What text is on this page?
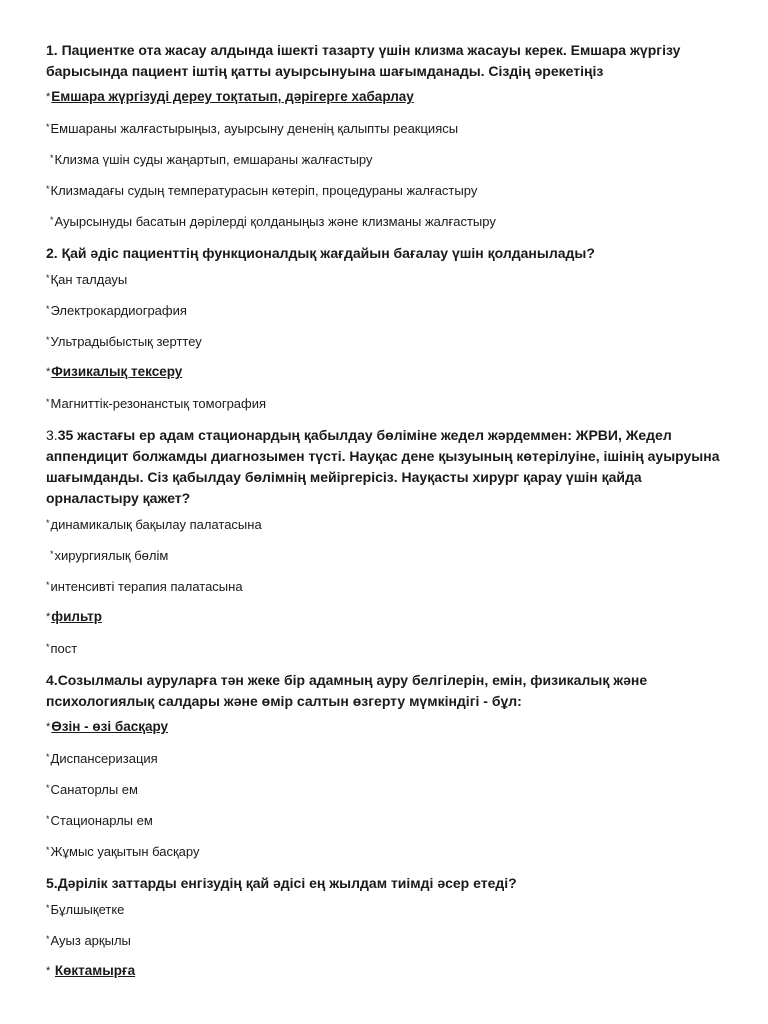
1. Пациентке ота жасау алдында ішекті тазарту үшін клизма жасауы керек. Емшара жүргізу барысында пациент іштің қатты ауырсынуына шағымданады. Сіздің әрекетіңіз
*Емшара жүргізуді дереу тоқтатып, дәрігерге хабарлау
*Емшараны жалғастырыңыз, ауырсыну дененің қалыпты реакциясы
*Клизма үшін суды жаңартып, емшараны жалғастыру
*Клизмадағы судың температурасын көтеріп, процедураны жалғастыру
*Ауырсынуды басатын дәрілерді қолданыңыз және клизманы жалғастыру
2. Қай әдіс пациенттің функционалдық жағдайын бағалау үшін қолданылады?
*Қан талдауы
*Электрокардиография
*Ультрадыбыстық зерттеу
*Физикалық тексеру
*Магниттік-резонанстық томография
3.35 жастағы ер адам стационардың қабылдау бөліміне жедел жәрдеммен: ЖРВИ, Жедел аппендицит болжамды диагнозымен түсті. Науқас дене қызуының көтерілуіне, ішінің ауыруына шағымданды. Сіз қабылдау бөлімнің мейіргерісіз. Науқасты хирург қарау үшін қайда орналастыру қажет?
*динамикалық бақылау палатасына
*хирургиялық бөлім
*интенсивті терапия палатасына
*фильтр
*пост
4.Созылмалы ауруларға тән жеке бір адамның ауру белгілерін, емін, физикалық және психологиялық салдары және өмір салтын өзгерту мүмкіндігі - бұл:
*Өзін - өзі басқару
*Диспансеризация
*Санаторлы ем
*Стационарлы ем
*Жұмыс уақытын басқару
5.Дәрілік заттарды енгізудің қай әдісі ең жылдам тиімді әсер етеді?
*Бұлшықетке
*Ауыз арқылы
* Көктамырға
